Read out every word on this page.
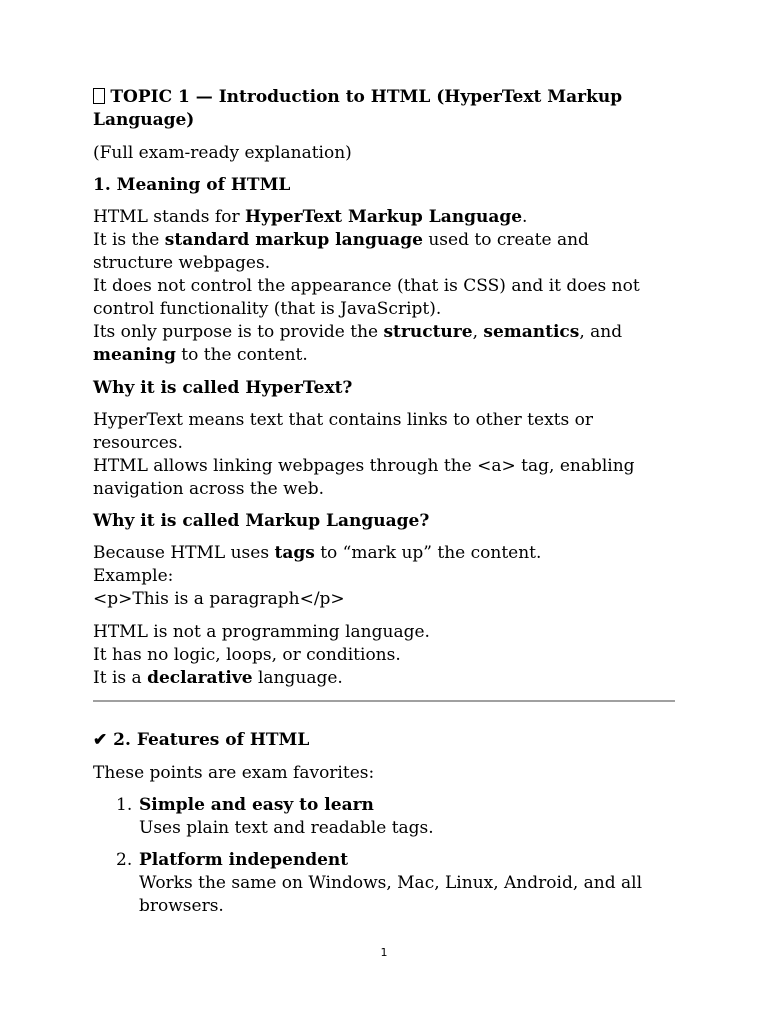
TOPIC 1 — Introduction to HTML (HyperText Markup
Language)
(Full exam-ready explanation)
1. Meaning of HTML
HTML stands for HyperText Markup Language.
It is the standard markup language used to create and
structure webpages.
It does not control the appearance (that is CSS) and it does not
control functionality (that is JavaScript).
Its only purpose is to provide the structure, semantics, and
meaning to the content.
Why it is called HyperText?
HyperText means text that contains links to other texts or
resources.
HTML allows linking webpages through the <a> tag, enabling
navigation across the web.
Why it is called Markup Language?
Because HTML uses tags to “mark up” the content.
Example:
<p>This is a paragraph</p>
HTML is not a programming language.
It has no logic, loops, or conditions.
It is a declarative language.
✔ 2. Features of HTML
These points are exam favorites:
1. Simple and easy to learn
Uses plain text and readable tags.
2. Platform independent
Works the same on Windows, Mac, Linux, Android, and all
browsers.
1
